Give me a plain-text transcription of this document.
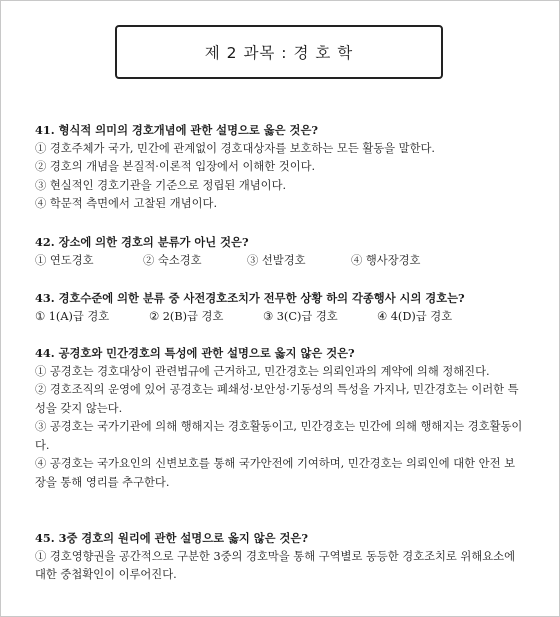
제 2 과목 : 경 호 학
41. 형식적 의미의 경호개념에 관한 설명으로 옳은 것은?
① 경호주체가 국가, 민간에 관계없이 경호대상자를 보호하는 모든 활동을 말한다.
② 경호의 개념을 본질적·이론적 입장에서 이해한 것이다.
③ 현실적인 경호기관을 기준으로 정립된 개념이다.
④ 학문적 측면에서 고찰된 개념이다.
42. 장소에 의한 경호의 분류가 아닌 것은?
① 연도경호	② 숙소경호	③ 선발경호	④ 행사장경호
43. 경호수준에 의한 분류 중 사전경호조치가 전무한 상황 하의 각종행사 시의 경호는?
① 1(A)급 경호	② 2(B)급 경호	③ 3(C)급 경호	④ 4(D)급 경호
44. 공경호와 민간경호의 특성에 관한 설명으로 옳지 않은 것은?
① 공경호는 경호대상이 관련법규에 근거하고, 민간경호는 의뢰인과의 계약에 의해 정해진다.
② 경호조직의 운영에 있어 공경호는 폐쇄성·보안성·기동성의 특성을 가지나, 민간경호는 이러한 특성을 갖지 않는다.
③ 공경호는 국가기관에 의해 행해지는 경호활동이고, 민간경호는 민간에 의해 행해지는 경호활동이다.
④ 공경호는 국가요인의 신변보호를 통해 국가안전에 기여하며, 민간경호는 의뢰인에 대한 안전 보장을 통해 영리를 추구한다.
45. 3중 경호의 원리에 관한 설명으로 옳지 않은 것은?
① 경호영향권을 공간적으로 구분한 3중의 경호막을 통해 구역별로 동등한 경호조치로 위해요소에 대한 중첩확인이 이루어진다.
